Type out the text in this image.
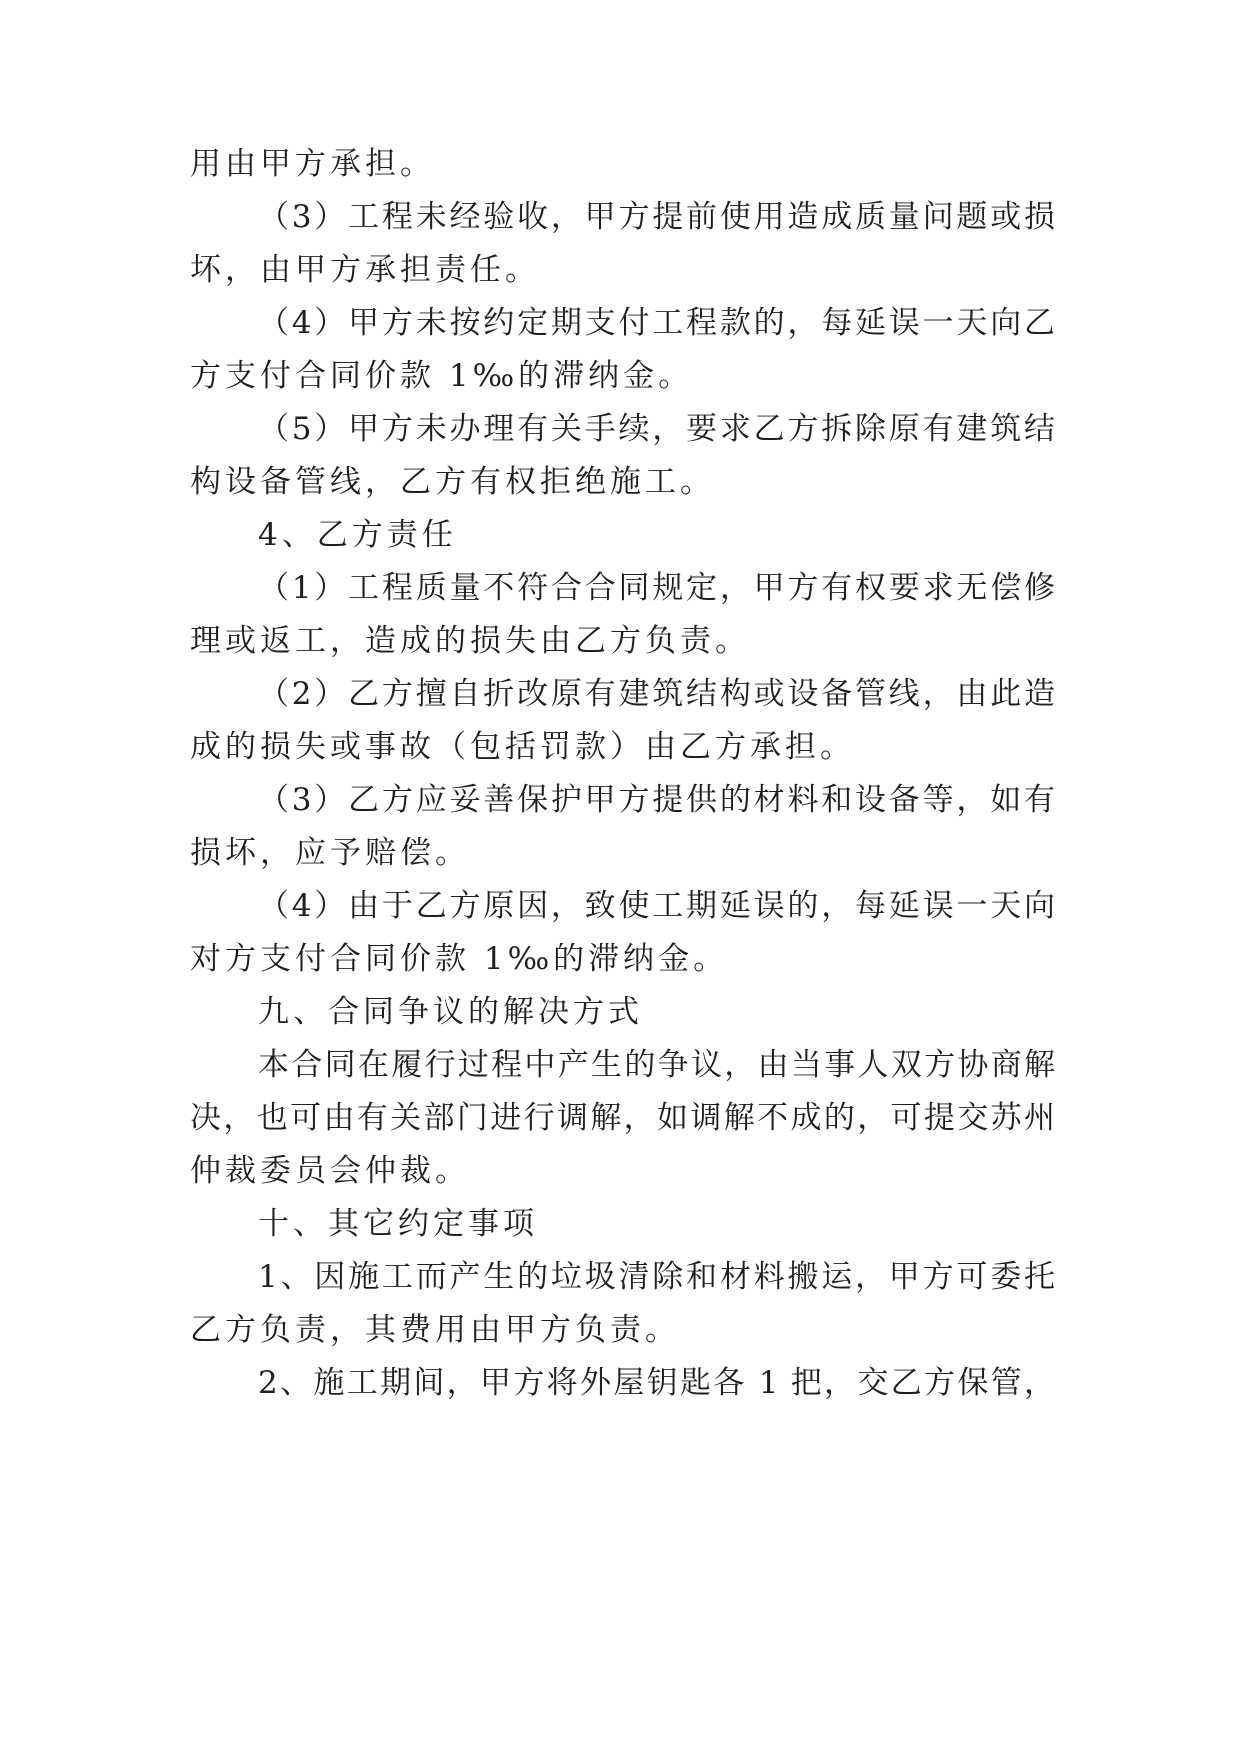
用由甲方承担。
（3）工程未经验收，甲方提前使用造成质量问题或损
坏，由甲方承担责任。
（4）甲方未按约定期支付工程款的，每延误一天向乙
方支付合同价款 1‰的滞纳金。
（5）甲方未办理有关手续，要求乙方拆除原有建筑结
构设备管线，乙方有权拒绝施工。
4、乙方责任
（1）工程质量不符合合同规定，甲方有权要求无偿修
理或返工，造成的损失由乙方负责。
（2）乙方擅自折改原有建筑结构或设备管线，由此造
成的损失或事故（包括罚款）由乙方承担。
（3）乙方应妥善保护甲方提供的材料和设备等，如有
损坏，应予赔偿。
（4）由于乙方原因，致使工期延误的，每延误一天向
对方支付合同价款 1‰的滞纳金。
九、合同争议的解决方式
本合同在履行过程中产生的争议，由当事人双方协商解
决，也可由有关部门进行调解，如调解不成的，可提交苏州
仲裁委员会仲裁。
十、其它约定事项
1、因施工而产生的垃圾清除和材料搬运，甲方可委托
乙方负责，其费用由甲方负责。
2、施工期间，甲方将外屋钥匙各 1 把，交乙方保管，
